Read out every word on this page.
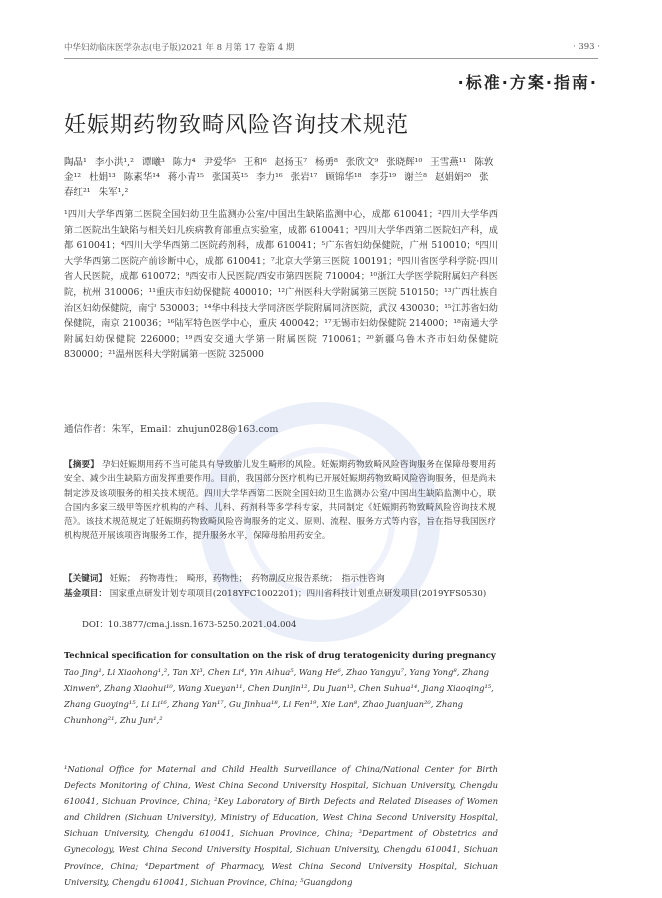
中华妇幼临床医学杂志(电子版)2021 年 8 月第 17 卷第 4 期	· 393 ·
·标准·方案·指南·
妊娠期药物致畸风险咨询技术规范
陶晶¹ 李小洪¹,² 谭曦³ 陈力⁴ 尹爱华⁵ 王和⁶ 赵扬玉⁷ 杨勇⁸ 张欣文⁹ 张晓辉¹⁰ 王雪燕¹¹ 陈敦金¹² 杜娟¹³ 陈素华¹⁴ 蒋小青¹⁵ 张国英¹⁵ 李力¹⁶ 张岩¹⁷ 顾锦华¹⁸ 李芬¹⁹ 谢兰⁸ 赵娟娟²⁰ 张春红²¹ 朱军¹,²
¹四川大学华西第二医院全国妇幼卫生监测办公室/中国出生缺陷监测中心，成都 610041；²四川大学华西第二医院出生缺陷与相关妇儿疾病教育部重点实验室，成都 610041；³四川大学华西第二医院妇产科，成都 610041；⁴四川大学华西第二医院药剂科，成都 610041；⁵广东省妇幼保健院，广州 510010；⁶四川大学华西第二医院产前诊断中心，成都 610041；⁷北京大学第三医院 100191；⁸四川省医学科学院·四川省人民医院，成都 610072；⁹西安市人民医院/西安市第四医院 710004；¹⁰浙江大学医学院附属妇产科医院，杭州 310006；¹¹重庆市妇幼保健院 400010；¹²广州医科大学附属第三医院 510150；¹³广西壮族自治区妇幼保健院，南宁 530003；¹⁴华中科技大学同济医学院附属同济医院，武汉 430030；¹⁵江苏省妇幼保健院，南京 210036；¹⁶陆军特色医学中心，重庆 400042；¹⁷无锡市妇幼保健院 214000；¹⁸南通大学附属妇幼保健院 226000；¹⁹西安交通大学第一附属医院 710061；²⁰新疆乌鲁木齐市妇幼保健院 830000；²¹温州医科大学附属第一医院 325000
通信作者：朱军，Email：zhujun028@163.com
【摘要】 孕妇妊娠期用药不当可能具有导致胎儿发生畸形的风险。妊娠期药物致畸风险咨询服务在保障母婴用药安全、减少出生缺陷方面发挥重要作用。目前，我国部分医疗机构已开展妊娠期药物致畸风险咨询服务，但是尚未制定涉及该项服务的相关技术规范。四川大学华西第二医院全国妇幼卫生监测办公室/中国出生缺陷监测中心，联合国内多家三级甲等医疗机构的产科、儿科、药剂科等多学科专家，共同制定《妊娠期药物致畸风险咨询技术规范》。该技术规范规定了妊娠期药物致畸风险咨询服务的定义、原则、流程、服务方式等内容，旨在指导我国医疗机构规范开展该项咨询服务工作，提升服务水平，保障母胎用药安全。
【关键词】 妊娠；　药物毒性；　畸形，药物性；　药物副反应报告系统；　指示性咨询
基金项目： 国家重点研发计划专项项目(2018YFC1002201)；四川省科技计划重点研发项目(2019YFS0530)
DOI：10.3877/cma.j.issn.1673-5250.2021.04.004
Technical specification for consultation on the risk of drug teratogenicity during pregnancy
Tao Jing¹, Li Xiaohong¹,², Tan Xi³, Chen Li⁴, Yin Aihua⁵, Wang He⁶, Zhao Yangyu⁷, Yang Yong⁸, Zhang Xinwen⁹, Zhang Xiaohui¹⁰, Wang Xueyan¹¹, Chen Dunjin¹², Du Juan¹³, Chen Suhua¹⁴, Jiang Xiaoqing¹⁵, Zhang Guoying¹⁵, Li Li¹⁶, Zhang Yan¹⁷, Gu Jinhua¹⁸, Li Fen¹⁹, Xie Lan⁸, Zhao Juanjuan²⁰, Zhang Chunhong²¹, Zhu Jun¹,²
¹National Office for Maternal and Child Health Surveillance of China/National Center for Birth Defects Monitoring of China, West China Second University Hospital, Sichuan University, Chengdu 610041, Sichuan Province, China; ²Key Laboratory of Birth Defects and Related Diseases of Women and Children (Sichuan University), Ministry of Education, West China Second University Hospital, Sichuan University, Chengdu 610041, Sichuan Province, China; ³Department of Obstetrics and Gynecology, West China Second University Hospital, Sichuan University, Chengdu 610041, Sichuan Province, China; ⁴Department of Pharmacy, West China Second University Hospital, Sichuan University, Chengdu 610041, Sichuan Province, China; ⁵Guangdong
